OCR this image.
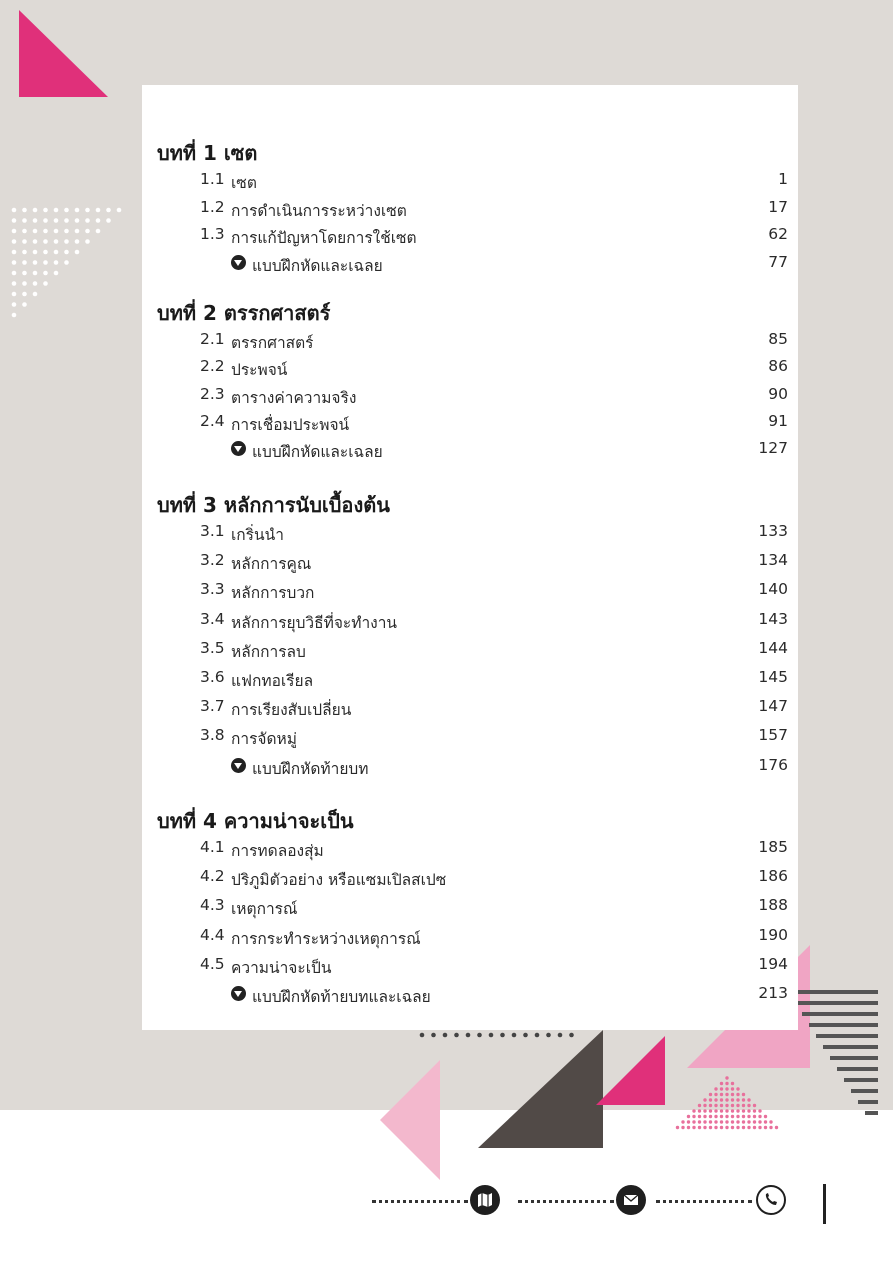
บทที่ 1 เซต
1.1 เซต	1
1.2 การดำเนินการระหว่างเซต	17
1.3 การแก้ปัญหาโดยการใช้เซต	62
แบบฝึกหัดและเฉลย	77
บทที่ 2 ตรรกศาสตร์
2.1 ตรรกศาสตร์	85
2.2 ประพจน์	86
2.3 ตารางค่าความจริง	90
2.4 การเชื่อมประพจน์	91
แบบฝึกหัดและเฉลย	127
บทที่ 3 หลักการนับเบื้องต้น
3.1 เกริ่นนำ	133
3.2 หลักการคูณ	134
3.3 หลักการบวก	140
3.4 หลักการยุบวิธีที่จะทำงาน	143
3.5 หลักการลบ	144
3.6 แฟกทอเรียล	145
3.7 การเรียงสับเปลี่ยน	147
3.8 การจัดหมู่	157
แบบฝึกหัดท้ายบท	176
บทที่ 4 ความน่าจะเป็น
4.1 การทดลองสุ่ม	185
4.2 ปริภูมิตัวอย่าง หรือแซมเปิลสเปซ	186
4.3 เหตุการณ์	188
4.4 การกระทำระหว่างเหตุการณ์	190
4.5 ความน่าจะเป็น	194
แบบฝึกหัดท้ายบทและเฉลย	213
